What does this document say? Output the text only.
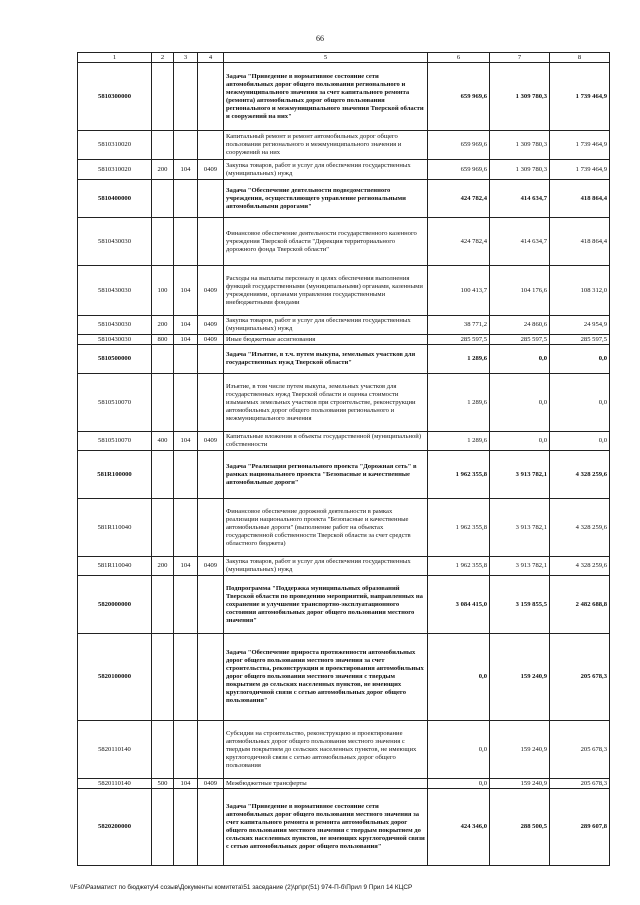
66
1	2	3	4	5	6	7	8
5810300000				Задача "Приведение в нормативное состояние сети автомобильных дорог общего пользования регионального и межмуниципального значения за счет капитального ремонта (ремонта) автомобильных дорог общего пользования регионального и межмуниципального значения Тверской области и сооружений на них"	659 969,6	1 309 780,3	1 739 464,9
5810310020				Капитальный ремонт и ремонт автомобильных дорог общего пользования регионального и межмуниципального значения и сооружений на них	659 969,6	1 309 780,3	1 739 464,9
5810310020	200	104	0409	Закупка товаров, работ и услуг для обеспечения государственных (муниципальных) нужд	659 969,6	1 309 780,3	1 739 464,9
5810400000				Задача "Обеспечение деятельности подведомственного учреждения, осуществляющего управление региональными автомобильными дорогами"	424 782,4	414 634,7	418 864,4
5810430030				Финансовое обеспечение деятельности государственного казенного учреждения Тверской области "Дирекция территориального дорожного фонда Тверской области"	424 782,4	414 634,7	418 864,4
5810430030	100	104	0409	Расходы на выплаты персоналу в целях обеспечения выполнения функций государственными (муниципальными) органами, казенными учреждениями, органами управления государственными внебюджетными фондами	100 413,7	104 176,6	108 312,0
5810430030	200	104	0409	Закупка товаров, работ и услуг для обеспечения государственных (муниципальных) нужд	38 771,2	24 860,6	24 954,9
5810430030	800	104	0409	Иные бюджетные ассигнования	285 597,5	285 597,5	285 597,5
5810500000				Задача "Изъятие, в т.ч. путем выкупа, земельных участков для государственных нужд Тверской области"	1 289,6	0,0	0,0
5810510070				Изъятие, в том числе путем выкупа, земельных участков для государственных нужд Тверской области и оценка стоимости изымаемых земельных участков при строительстве, реконструкции автомобильных дорог общего пользования регионального и межмуниципального значения	1 289,6	0,0	0,0
5810510070	400	104	0409	Капитальные вложения в объекты государственной (муниципальной) собственности	1 289,6	0,0	0,0
581R100000				Задача "Реализация регионального проекта "Дорожная сеть" в рамках национального проекта "Безопасные и качественные автомобильные дороги"	1 962 355,8	3 913 782,1	4 328 259,6
581R110040				Финансовое обеспечение дорожной деятельности в рамках реализации национального проекта "Безопасные и качественные автомобильные дороги" (выполнение работ на объектах государственной собственности Тверской области за счет средств областного бюджета)	1 962 355,8	3 913 782,1	4 328 259,6
581R110040	200	104	0409	Закупка товаров, работ и услуг для обеспечения государственных (муниципальных) нужд	1 962 355,8	3 913 782,1	4 328 259,6
5820000000				Подпрограмма "Поддержка муниципальных образований Тверской области по проведению мероприятий, направленных на сохранение и улучшение транспортно-эксплуатационного состояния автомобильных дорог общего пользования местного значения"	3 084 415,0	3 159 855,5	2 482 688,8
5820100000				Задача "Обеспечение прироста протяженности автомобильных дорог общего пользования местного значения за счет строительства, реконструкции и проектирования автомобильных дорог общего пользования местного значения с твердым покрытием до сельских населенных пунктов, не имеющих круглогодичной связи с сетью автомобильных дорог общего пользования"	0,0	159 240,9	205 678,3
5820110140				Субсидии на строительство, реконструкцию и проектирование автомобильных дорог общего пользования местного значения с твердым покрытием до сельских населенных пунктов, не имеющих круглогодичной связи с сетью автомобильных дорог общего пользования	0,0	159 240,9	205 678,3
5820110140	500	104	0409	Межбюджетные трансферты	0,0	159 240,9	205 678,3
5820200000				Задача "Приведение в нормативное состояние сети автомобильных дорог общего пользования местного значения за счет капитального ремонта и ремонта автомобильных дорог общего пользования местного значения с твердым покрытием до сельских населенных пунктов, не имеющих круглогодичной связи с сетью автомобильных дорог общего пользования"	424 346,0	288 500,5	289 607,8
\\Fs0\Разматист по бюджету\4 созыв\Документы комитета\51 заседание (2)\рг\рг(51) 974-П-б\Прил 9 Прил 14 КЦСР
